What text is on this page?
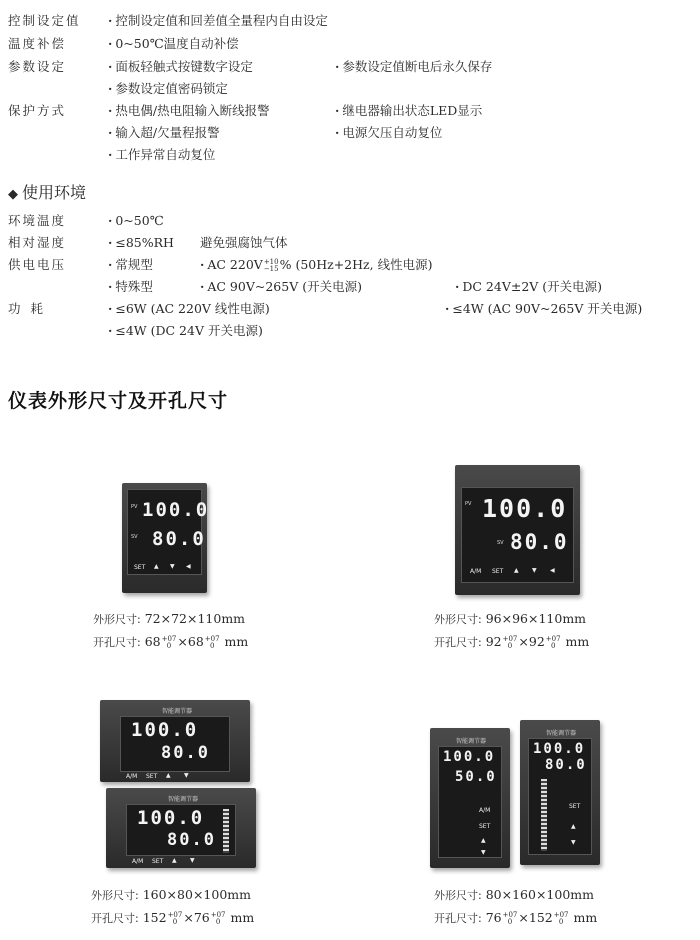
控制设定值	· 控制设定值和回差值全量程内自由设定
温度补偿	· 0~50℃温度自动补偿
参数设定	· 面板轻触式按键数字设定	· 参数设定值断电后永久保存
· 参数设定值密码锁定
保护方式	· 热电偶/热电阻输入断线报警	· 继电器输出状态LED显示
· 输入超/欠量程报警	· 电源欠压自动复位
· 工作异常自动复位
◆ 使用环境
环境温度	· 0~50℃
相对湿度	· ≤85%RH 避免强腐蚀气体
供电电压	· 常规型	· AC 220V +10
−15 % (50Hz+2Hz, 线性电源)
· 特殊型	· AC 90V~265V (开关电源)	· DC 24V±2V (开关电源)
功耗	· ≤6W (AC 220V 线性电源)	· ≤4W (AC 90V~265V 开关电源)
· ≤4W (DC 24V 开关电源)
仪表外形尺寸及开孔尺寸
PV 100.0
SV 80.0
SET ▲ ▼ ◀
外形尺寸: 72×72×110mm
开孔尺寸: 68 +07
0 ×68 +07
0 mm
PV 100.0
SV 80.0
A/M SET ▲ ▼ ◀
外形尺寸: 96×96×110mm
开孔尺寸: 92 +07
0 ×92 +07
0 mm
智能调节器
100.0
80.0
A/M SET ▲ ▼
智能调节器
100.0
80.0
A/M SET ▲ ▼
外形尺寸: 160×80×100mm
开孔尺寸: 152 +07
0 ×76 +07
0 mm
智能调节器
100.0
50.0
A/M
SET
▲
▼
智能调节器
100.0
80.0
SET
▲
▼
外形尺寸: 80×160×100mm
开孔尺寸: 76 +07
0 ×152 +07
0 mm
